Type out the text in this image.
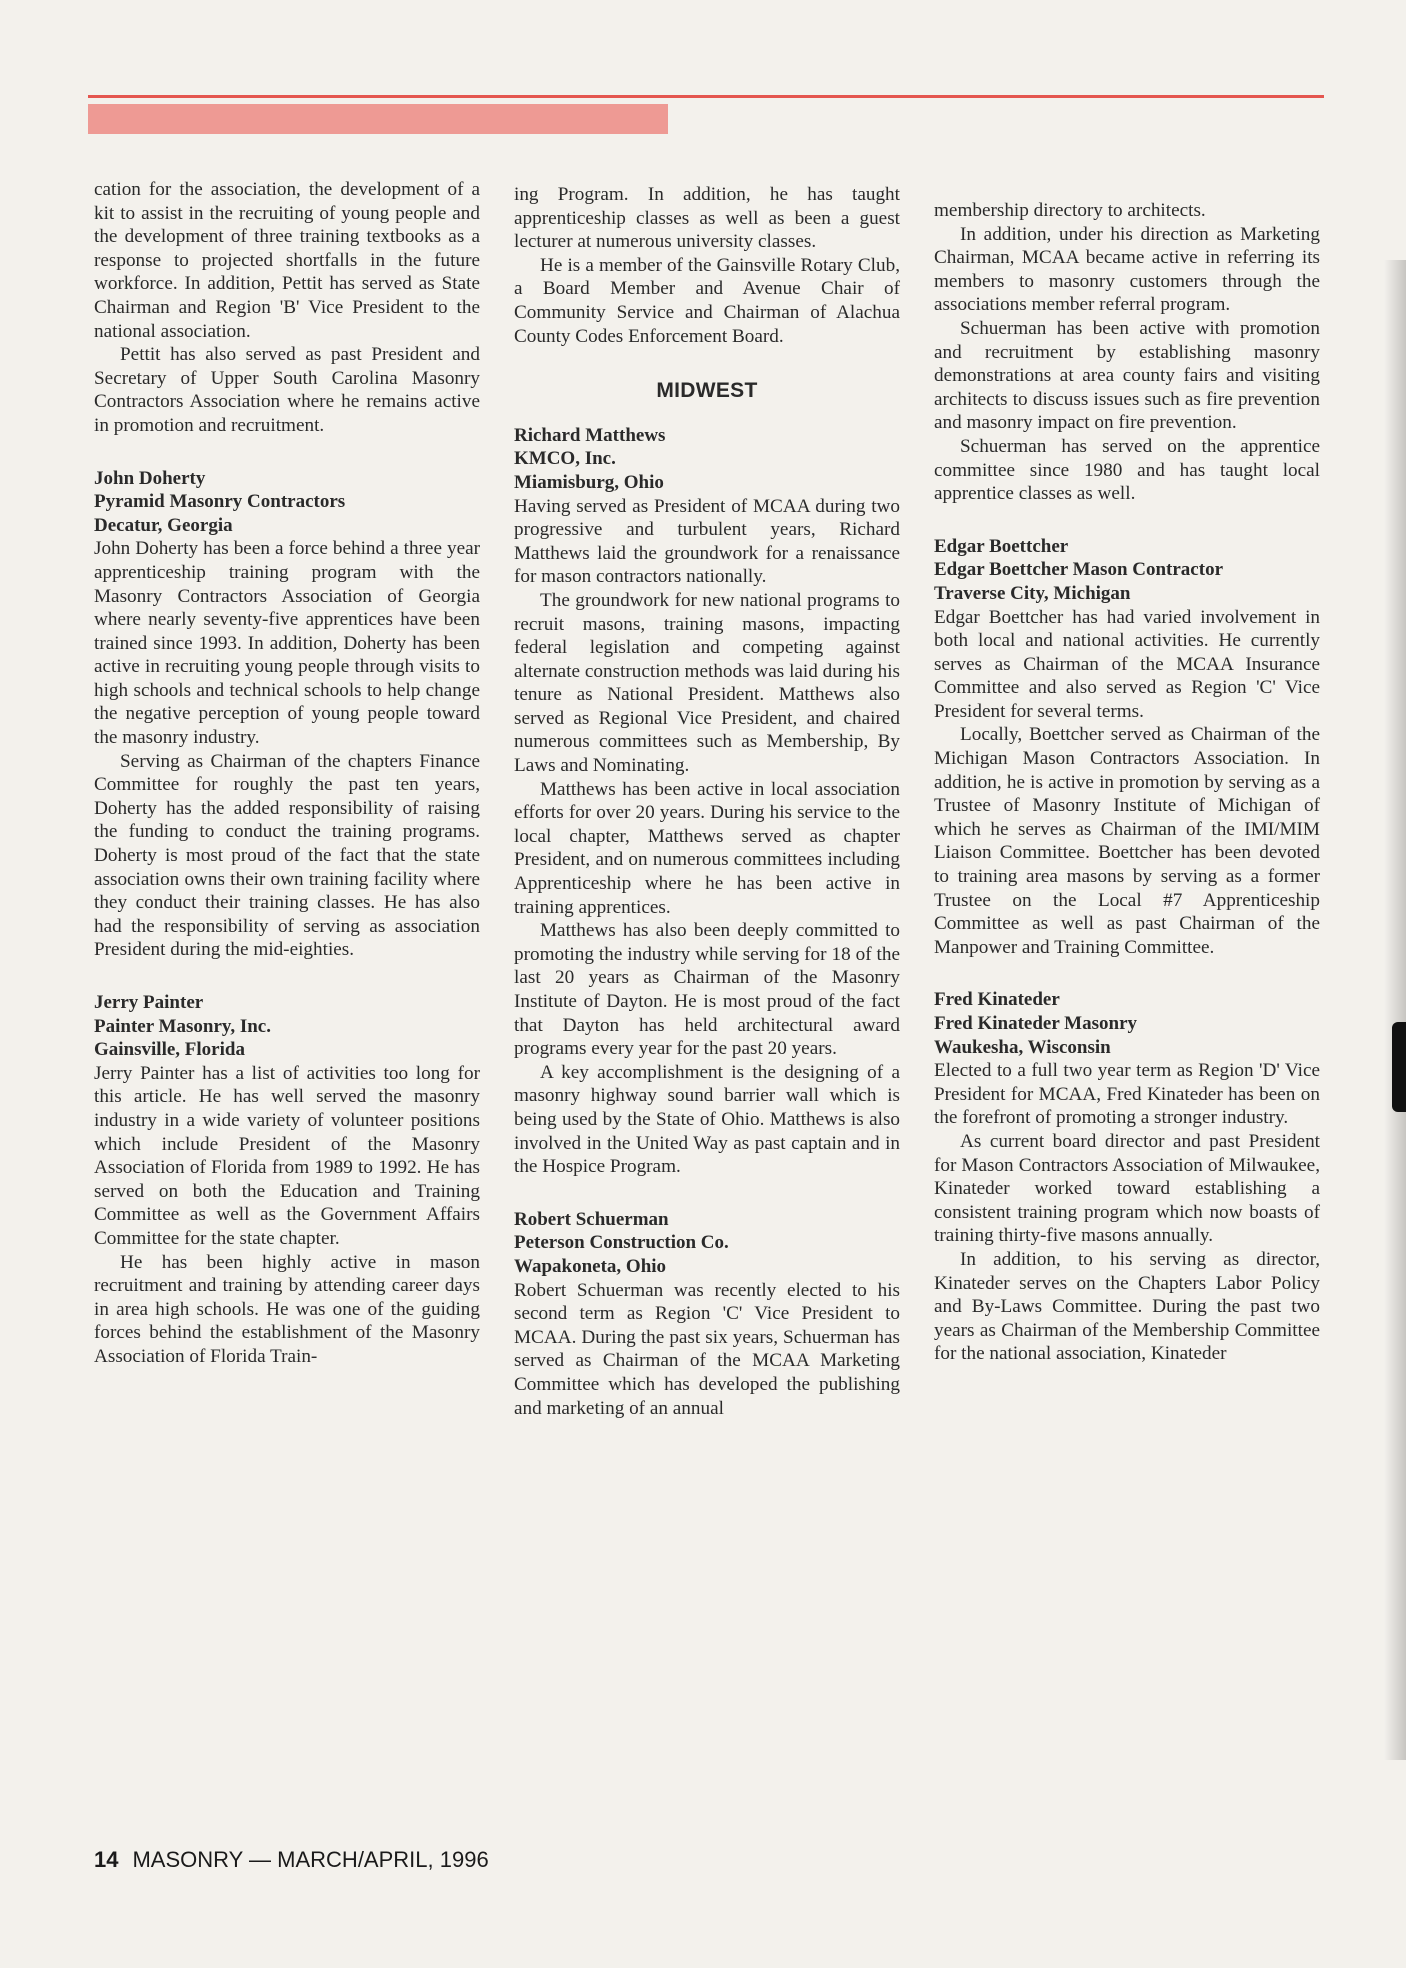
cation for the association, the development of a kit to assist in the recruiting of young people and the development of three training textbooks as a response to projected shortfalls in the future workforce. In addition, Pettit has served as State Chairman and Region 'B' Vice President to the national association.

Pettit has also served as past President and Secretary of Upper South Carolina Masonry Contractors Association where he remains active in promotion and recruitment.

John Doherty
Pyramid Masonry Contractors
Decatur, Georgia

John Doherty has been a force behind a three year apprenticeship training program with the Masonry Contractors Association of Georgia where nearly seventy-five apprentices have been trained since 1993. In addition, Doherty has been active in recruiting young people through visits to high schools and technical schools to help change the negative perception of young people toward the masonry industry.

Serving as Chairman of the chapters Finance Committee for roughly the past ten years, Doherty has the added responsibility of raising the funding to conduct the training programs. Doherty is most proud of the fact that the state association owns their own training facility where they conduct their training classes. He has also had the responsibility of serving as association President during the mid-eighties.

Jerry Painter
Painter Masonry, Inc.
Gainsville, Florida

Jerry Painter has a list of activities too long for this article. He has well served the masonry industry in a wide variety of volunteer positions which include President of the Masonry Association of Florida from 1989 to 1992. He has served on both the Education and Training Committee as well as the Government Affairs Committee for the state chapter.

He has been highly active in mason recruitment and training by attending career days in area high schools. He was one of the guiding forces behind the establishment of the Masonry Association of Florida Train-

ing Program. In addition, he has taught apprenticeship classes as well as been a guest lecturer at numerous university classes.

He is a member of the Gainsville Rotary Club, a Board Member and Avenue Chair of Community Service and Chairman of Alachua County Codes Enforcement Board.

MIDWEST
Richard Matthews
KMCO, Inc.
Miamisburg, Ohio

Having served as President of MCAA during two progressive and turbulent years, Richard Matthews laid the groundwork for a renaissance for mason contractors nationally.

The groundwork for new national programs to recruit masons, training masons, impacting federal legislation and competing against alternate construction methods was laid during his tenure as National President. Matthews also served as Regional Vice President, and chaired numerous committees such as Membership, By Laws and Nominating.

Matthews has been active in local association efforts for over 20 years. During his service to the local chapter, Matthews served as chapter President, and on numerous committees including Apprenticeship where he has been active in training apprentices.

Matthews has also been deeply committed to promoting the industry while serving for 18 of the last 20 years as Chairman of the Masonry Institute of Dayton. He is most proud of the fact that Dayton has held architectural award programs every year for the past 20 years.

A key accomplishment is the designing of a masonry highway sound barrier wall which is being used by the State of Ohio. Matthews is also involved in the United Way as past captain and in the Hospice Program.

Robert Schuerman
Peterson Construction Co.
Wapakoneta, Ohio

Robert Schuerman was recently elected to his second term as Region 'C' Vice President to MCAA. During the past six years, Schuerman has served as Chairman of the MCAA Marketing Committee which has developed the publishing and marketing of an annual

membership directory to architects.

In addition, under his direction as Marketing Chairman, MCAA became active in referring its members to masonry customers through the associations member referral program.

Schuerman has been active with promotion and recruitment by establishing masonry demonstrations at area county fairs and visiting architects to discuss issues such as fire prevention and masonry impact on fire prevention.

Schuerman has served on the apprentice committee since 1980 and has taught local apprentice classes as well.

Edgar Boettcher
Edgar Boettcher Mason Contractor
Traverse City, Michigan

Edgar Boettcher has had varied involvement in both local and national activities. He currently serves as Chairman of the MCAA Insurance Committee and also served as Region 'C' Vice President for several terms.

Locally, Boettcher served as Chairman of the Michigan Mason Contractors Association. In addition, he is active in promotion by serving as a Trustee of Masonry Institute of Michigan of which he serves as Chairman of the IMI/MIM Liaison Committee. Boettcher has been devoted to training area masons by serving as a former Trustee on the Local #7 Apprenticeship Committee as well as past Chairman of the Manpower and Training Committee.

Fred Kinateder
Fred Kinateder Masonry
Waukesha, Wisconsin

Elected to a full two year term as Region 'D' Vice President for MCAA, Fred Kinateder has been on the forefront of promoting a stronger industry.

As current board director and past President for Mason Contractors Association of Milwaukee, Kinateder worked toward establishing a consistent training program which now boasts of training thirty-five masons annually.

In addition, to his serving as director, Kinateder serves on the Chapters Labor Policy and By-Laws Committee. During the past two years as Chairman of the Membership Committee for the national association, Kinateder

14 MASONRY — MARCH/APRIL, 1996
